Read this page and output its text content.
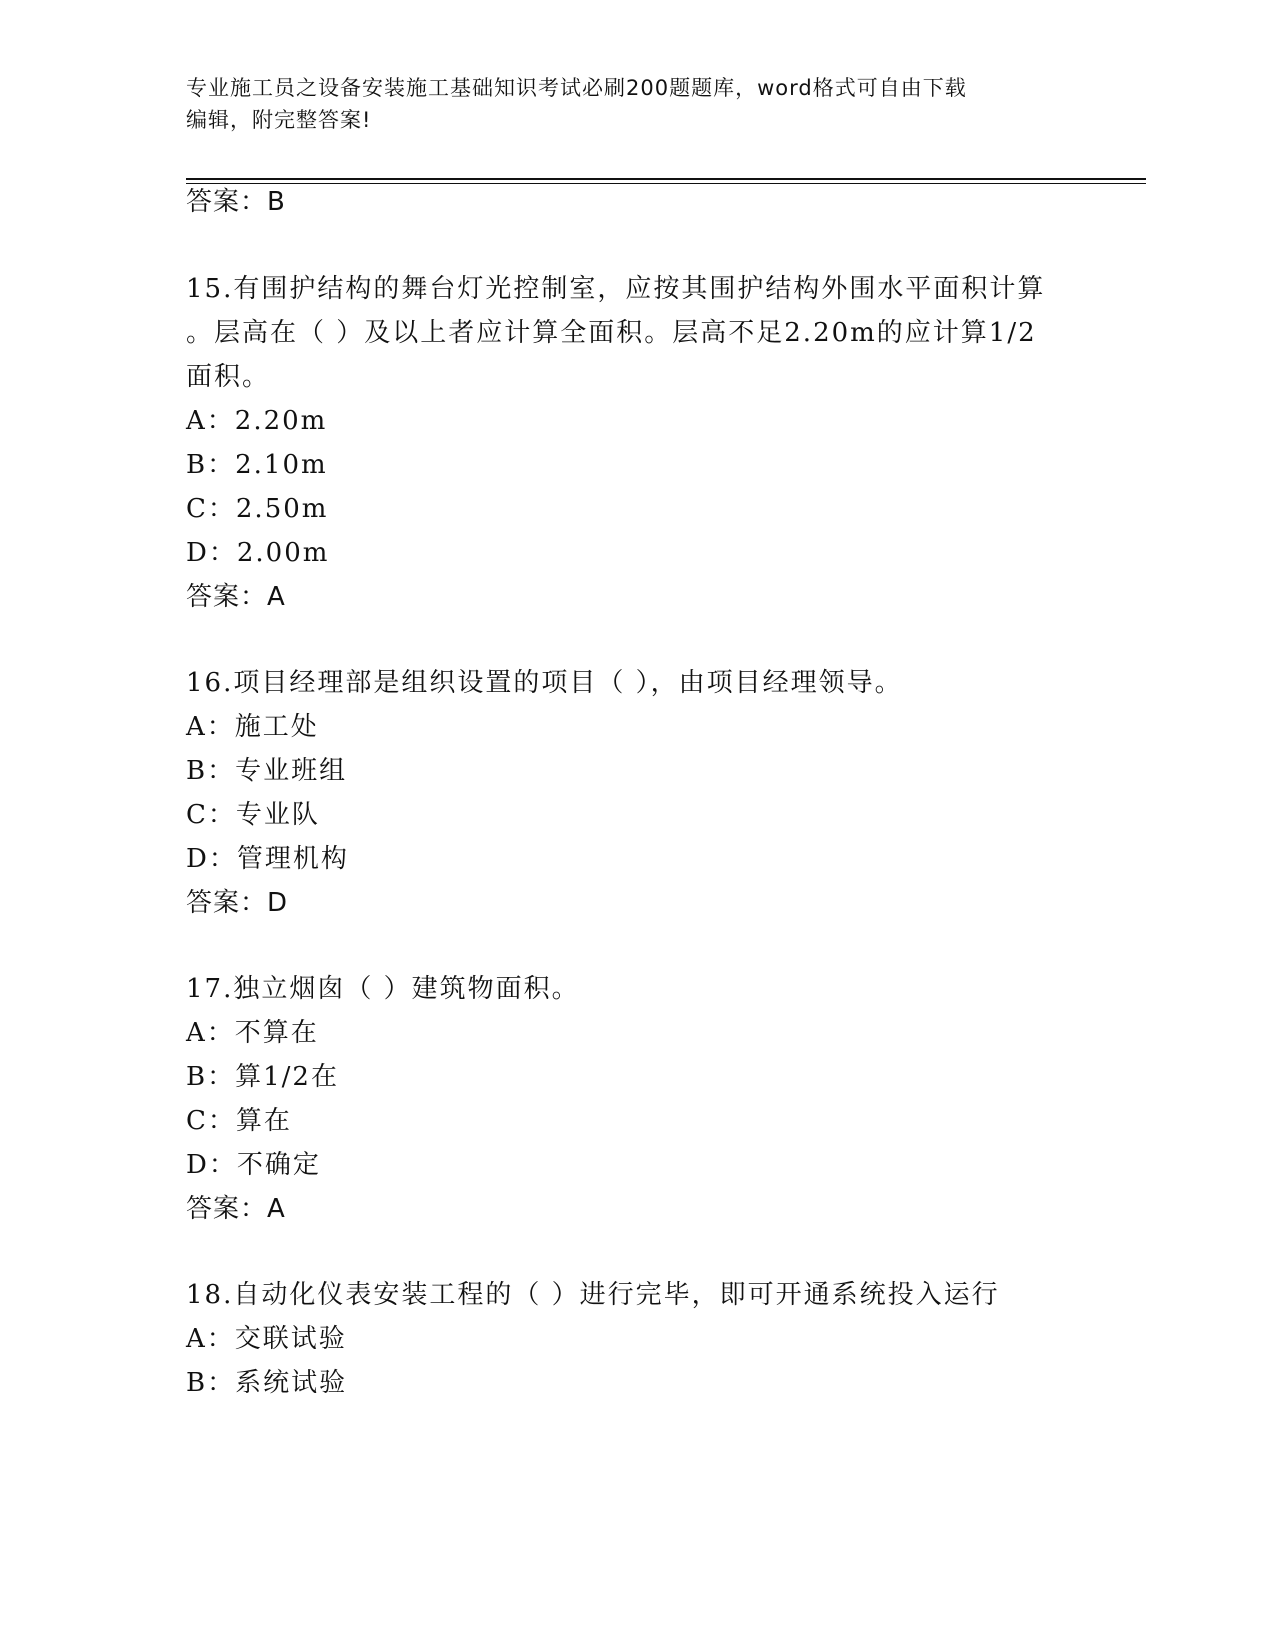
专业施工员之设备安装施工基础知识考试必刷200题题库，word格式可自由下载
编辑，附完整答案!
答案：B
15.有围护结构的舞台灯光控制室，应按其围护结构外围水平面积计算
。层高在（ ）及以上者应计算全面积。层高不足2.20m的应计算1/2
面积。
A：2.20m
B：2.10m
C：2.50m
D：2.00m
答案：A
16.项目经理部是组织设置的项目（ ），由项目经理领导。
A：施工处
B：专业班组
C：专业队
D：管理机构
答案：D
17.独立烟囱（ ）建筑物面积。
A：不算在
B：算1/2在
C：算在
D：不确定
答案：A
18.自动化仪表安装工程的（ ）进行完毕，即可开通系统投入运行
A：交联试验
B：系统试验
